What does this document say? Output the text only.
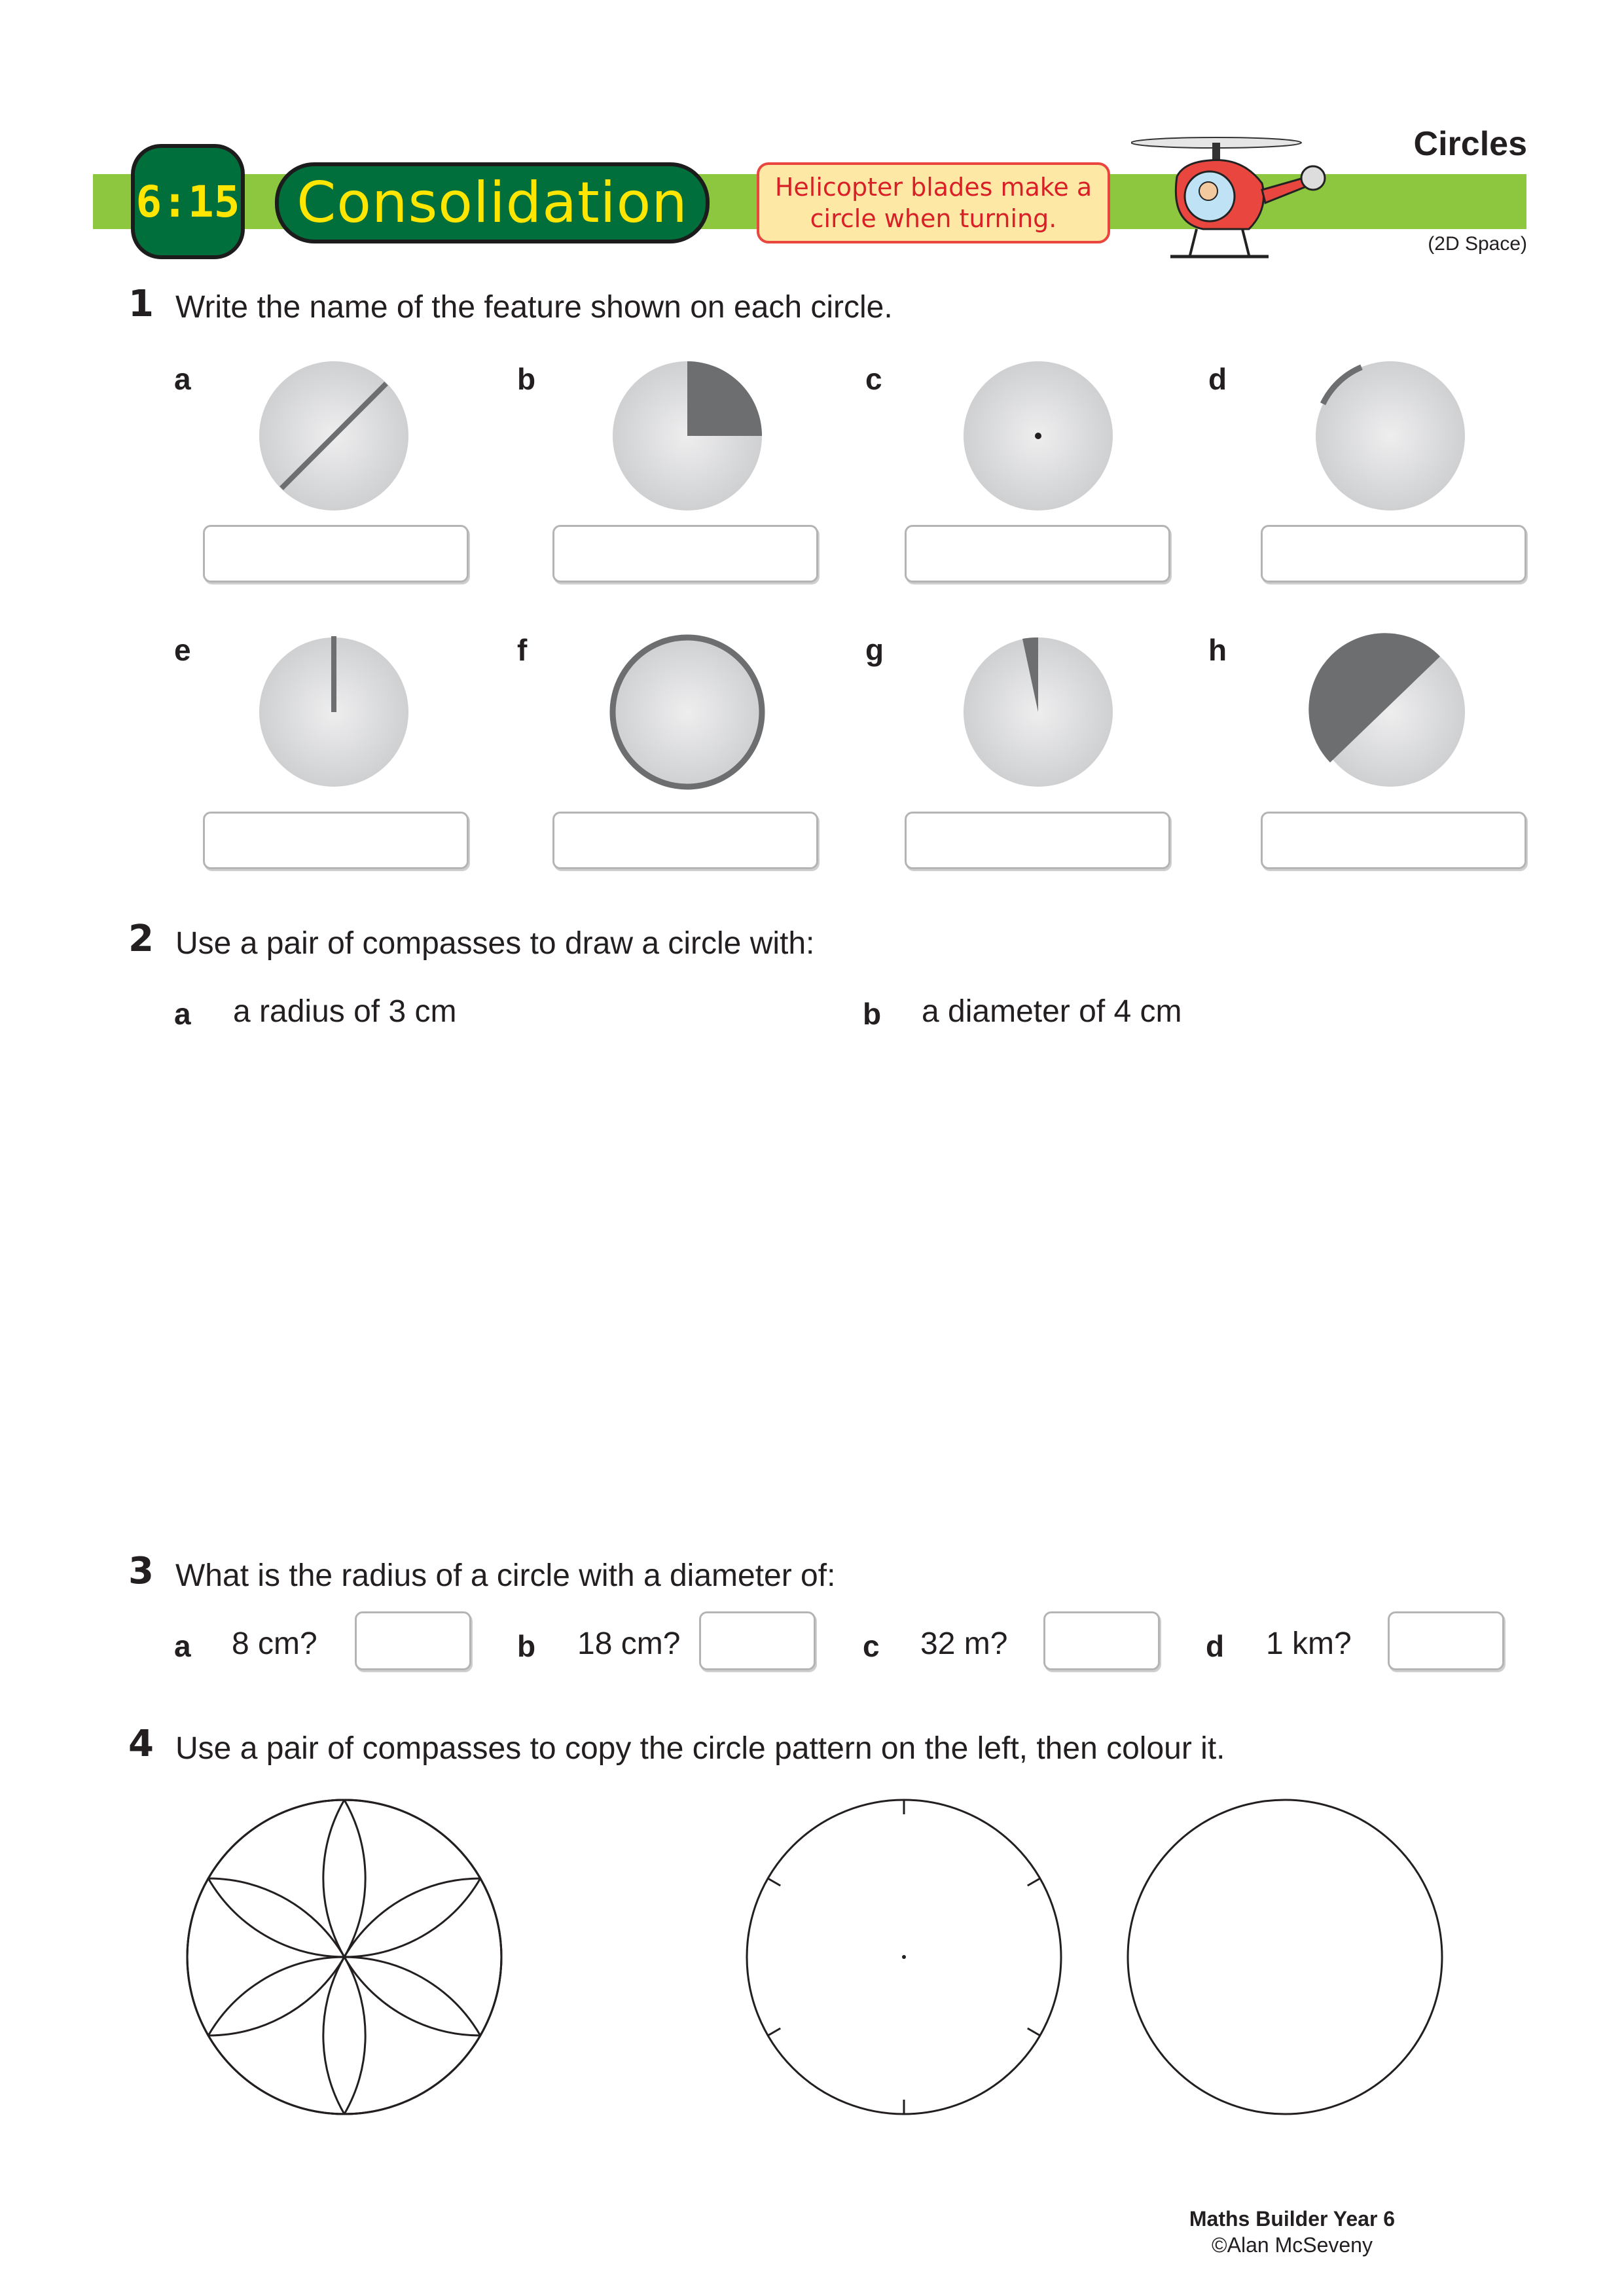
6:15 Consolidation	Helicopter blades make a
circle when turning.
Circles
(2D Space)
1 Write the name of the feature shown on each circle.
a	b	c	d
e	f	g	h
2 Use a pair of compasses to draw a circle with:
a a radius of 3 cm	b a diameter of 4 cm
3 What is the radius of a circle with a diameter of:
a 8 cm?	b 18 cm?	c 32 m?	d 1 km?
4 Use a pair of compasses to copy the circle pattern on the left, then colour it.
Maths Builder Year 6
©Alan McSeveny
